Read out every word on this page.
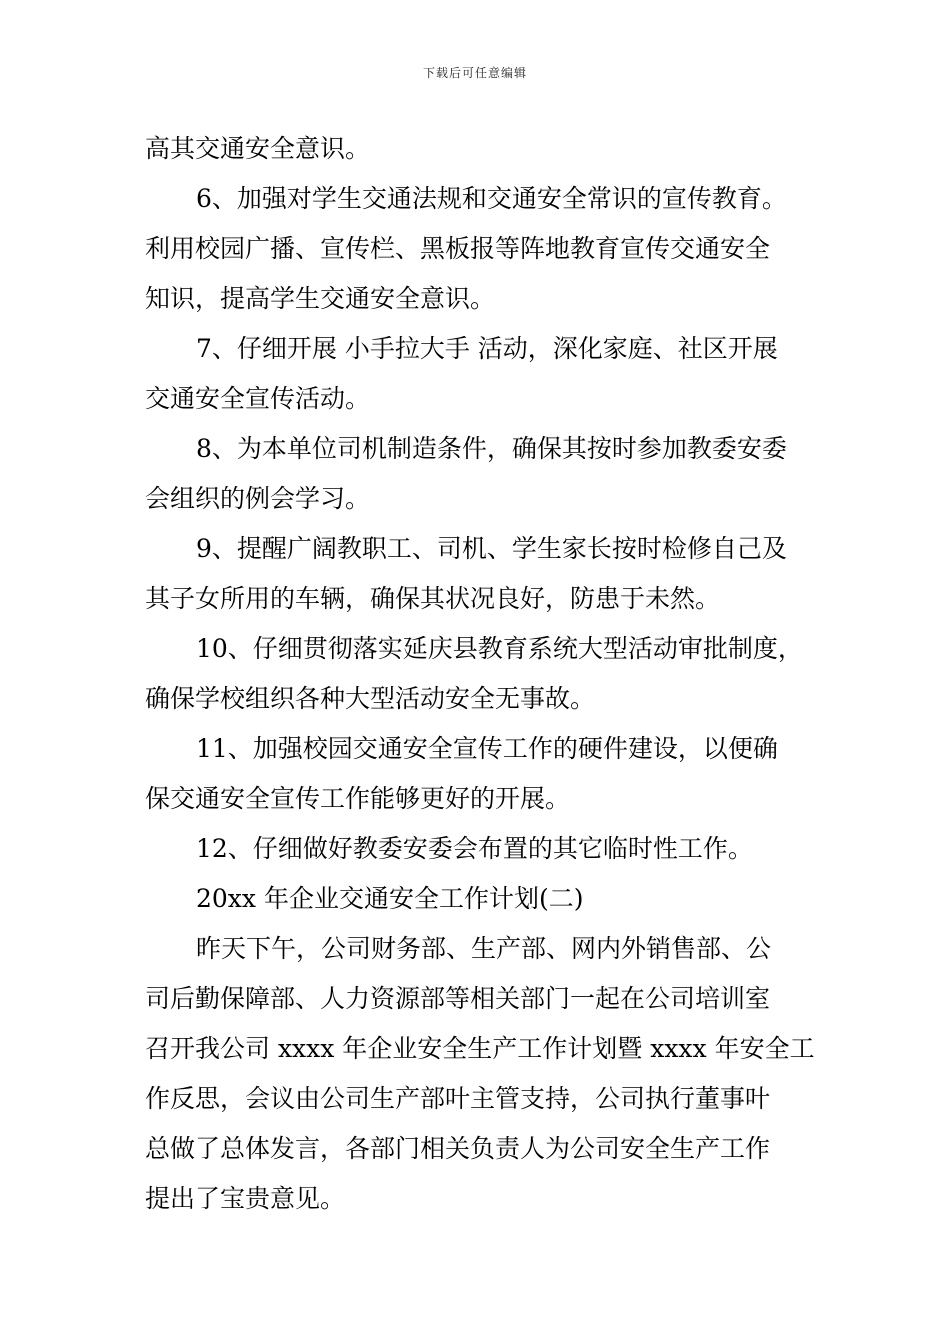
下载后可任意编辑
高其交通安全意识。
6、加强对学生交通法规和交通安全常识的宣传教育。
利用校园广播、宣传栏、黑板报等阵地教育宣传交通安全
知识，提高学生交通安全意识。
7、仔细开展 小手拉大手 活动，深化家庭、社区开展
交通安全宣传活动。
8、为本单位司机制造条件，确保其按时参加教委安委
会组织的例会学习。
9、提醒广阔教职工、司机、学生家长按时检修自己及
其子女所用的车辆，确保其状况良好，防患于未然。
10、仔细贯彻落实延庆县教育系统大型活动审批制度，
确保学校组织各种大型活动安全无事故。
11、加强校园交通安全宣传工作的硬件建设，以便确
保交通安全宣传工作能够更好的开展。
12、仔细做好教委安委会布置的其它临时性工作。
20xx 年企业交通安全工作计划(二)
昨天下午，公司财务部、生产部、网内外销售部、公
司后勤保障部、人力资源部等相关部门一起在公司培训室
召开我公司 xxxx 年企业安全生产工作计划暨 xxxx 年安全工
作反思，会议由公司生产部叶主管支持，公司执行董事叶
总做了总体发言，各部门相关负责人为公司安全生产工作
提出了宝贵意见。
